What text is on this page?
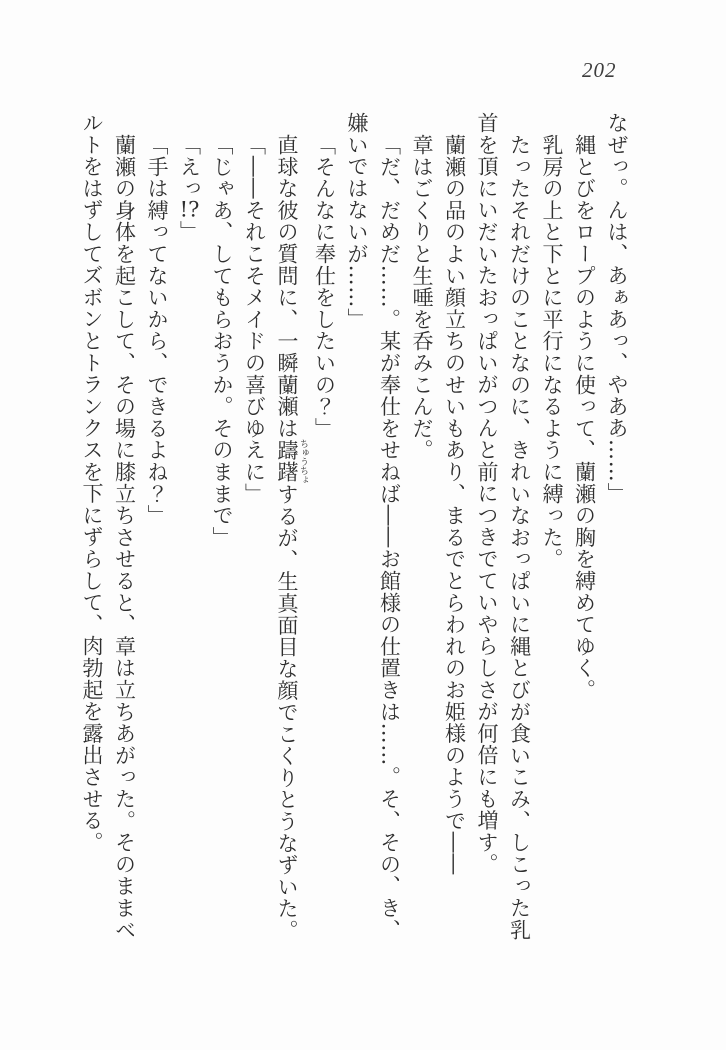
202

なぜっ。んは、あぁあっ、やああ……」

縄とびをロープのように使って、蘭瀬の胸を縛めてゆく。

乳房の上と下とに平行になるように縛った。

たったそれだけのことなのに、きれいなおっぱいに縄とびが食いこみ、しこった乳首を頂にいだいたおっぱいがつんと前につきでていやらしさが何倍にも増す。

蘭瀬の品のよい顔立ちのせいもあり、まるでとらわれのお姫様のようで――

章はごくりと生唾を呑みこんだ。

「だ、だめだ……。某が奉仕をせねば――お館様の仕置きは……。そ、その、き、嫌いではないが……」

「そんなに奉仕をしたいの？」

直球な彼の質問に、一瞬蘭瀬は躊躇 ちゅうちょするが、生真面目な顔でこくりとうなずいた。

「――それこそメイドの喜びゆえに」

「じゃあ、してもらおうか。そのままで」

「えっ!?」

「手は縛ってないから、できるよね？」

蘭瀬の身体を起こして、その場に膝立ちさせると、章は立ちあがった。そのままベルトをはずしてズボンとトランクスを下にずらして、肉勃起を露出させる。
